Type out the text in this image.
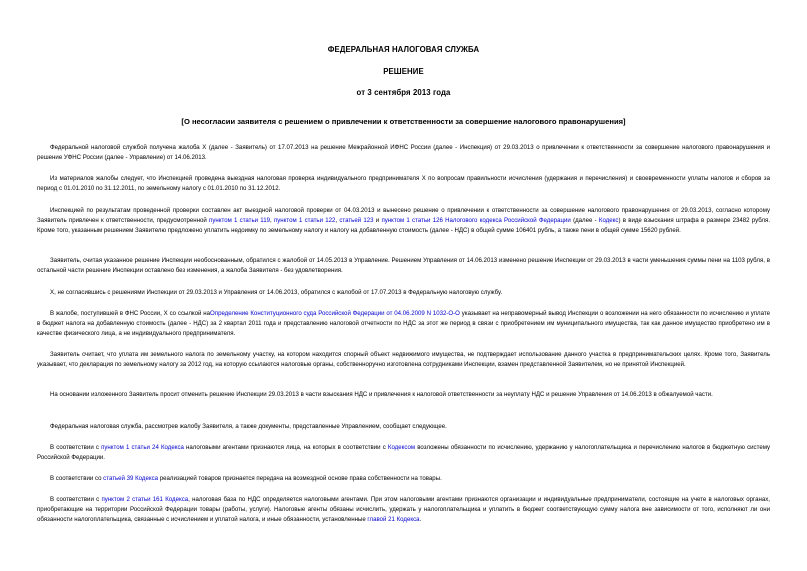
ФЕДЕРАЛЬНАЯ НАЛОГОВАЯ СЛУЖБА
РЕШЕНИЕ
от 3 сентября 2013 года
[О несогласии заявителя с решением о привлечении к ответственности за совершение налогового правонарушения]

Федеральной налоговой службой получена жалоба Х (далее - Заявитель) от 17.07.2013 на решение Межрайонной ИФНС России (далее - Инспекция) от 29.03.2013 о привлечении к ответственности за совершение налогового правонарушения и решение УФНС России (далее - Управление) от 14.06.2013.

Из материалов жалобы следует, что Инспекцией проведена выездная налоговая проверка индивидуального предпринимателя Х по вопросам правильности исчисления (удержания и перечисления) и своевременности уплаты налогов и сборов за период с 01.01.2010 по 31.12.2011, по земельному налогу с 01.01.2010 по 31.12.2012.

Инспекцией по результатам проведенной проверки составлен акт выездной налоговой проверки от 04.03.2013 и вынесено решение о привлечении к ответственности за совершение налогового правонарушения от 29.03.2013, согласно которому Заявитель привлечен к ответственности, предусмотренной пунктом 1 статьи 119, пунктом 1 статьи 122, статьей 123 и пунктом 1 статьи 126 Налогового кодекса Российской Федерации (далее - Кодекс) в виде взыскания штрафа в размере 23482 рубля. Кроме того, указанным решением Заявителю предложено уплатить недоимку по земельному налогу и налогу на добавленную стоимость (далее - НДС) в общей сумме 106401 рубль, а также пени в общей сумме 15620 рублей.

Заявитель, считая указанное решение Инспекции необоснованным, обратился с жалобой от 14.05.2013 в Управление. Решением Управления от 14.06.2013 изменено решение Инспекции от 29.03.2013 в части уменьшения суммы пени на 1103 рубля, в остальной части решение Инспекции оставлено без изменения, а жалоба Заявителя - без удовлетворения.

Х, не согласившись с решениями Инспекции от 29.03.2013 и Управления от 14.06.2013, обратился с жалобой от 17.07.2013 в Федеральную налоговую службу.

В жалобе, поступившей в ФНС России, Х со ссылкой наОпределение Конституционного суда Российской Федерации от 04.06.2009 N 1032-О-О указывает на неправомерный вывод Инспекции о возложении на него обязанности по исчислению и уплате в бюджет налога на добавленную стоимость (далее - НДС) за 2 квартал 2011 года и представлению налоговой отчетности по НДС за этот же период в связи с приобретением им муниципального имущества, так как данное имущество приобретено им в качестве физического лица, а не индивидуального предпринимателя.

Заявитель считает, что уплата им земельного налога по земельному участку, на котором находится спорный объект недвижимого имущества, не подтверждает использование данного участка в предпринимательских целях. Кроме того, Заявитель указывает, что декларация по земельному налогу за 2012 год, на которую ссылаются налоговые органы, собственноручно изготовлена сотрудниками Инспекции, взамен представленной Заявителем, но не принятой Инспекцией.

На основании изложенного Заявитель просит отменить решение Инспекции 29.03.2013 в части взыскания НДС и привлечения к налоговой ответственности за неуплату НДС и решение Управления от 14.06.2013 в обжалуемой части.

Федеральная налоговая служба, рассмотрев жалобу Заявителя, а также документы, представленные Управлением, сообщает следующее.

В соответствии с пунктом 1 статьи 24 Кодекса налоговыми агентами признаются лица, на которых в соответствии с Кодексом возложены обязанности по исчислению, удержанию у налогоплательщика и перечислению налогов в бюджетную систему Российской Федерации.

В соответствии со статьей 39 Кодекса реализацией товаров признается передача на возмездной основе права собственности на товары.

В соответствии с пунктом 2 статьи 161 Кодекса, налоговая база по НДС определяется налоговыми агентами. При этом налоговыми агентами признаются организации и индивидуальные предприниматели, состоящие на учете в налоговых органах, приобретающие на территории Российской Федерации товары (работы, услуги). Налоговые агенты обязаны исчислить, удержать у налогоплательщика и уплатить в бюджет соответствующую сумму налога вне зависимости от того, исполняют ли они обязанности налогоплательщика, связанные с исчислением и уплатой налога, и иные обязанности, установленные главой 21 Кодекса.
